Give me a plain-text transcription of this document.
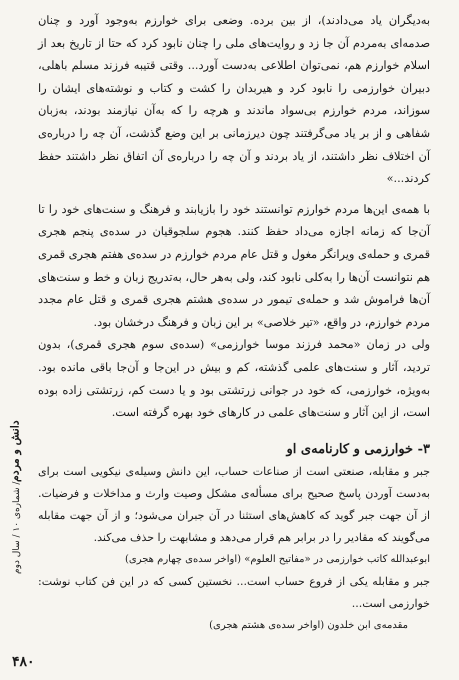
به‌دیگران یاد می‌دادند)، از بین برده. وضعی برای خوارزم به‌وجود آورد و چنان صدمه‌ای به‌مردم آن جا زد و روایت‌های ملی را چنان نابود کرد که حتا از تاریخ بعد از اسلام خوارزم هم، نمی‌توان اطلاعی به‌دست آورد... وقتی قتیبه فرزند مسلم باهلی، دبیران خوارزمی را نابود کرد و هیربدان را کشت و کتاب و نوشته‌های ایشان را سوزاند، مردم خوارزم بی‌سواد ماندند و هرچه را که به‌آن نیازمند بودند، بەزبان شفاهی و از بر یاد می‌گرفتند چون دیرزمانی بر این وضع گذشت، آن چه را درباره‌ی آن اختلاف نظر داشتند، از یاد بردند و آن چه را درباره‌ی آن اتفاق نظر داشتند حفظ کردند...»

با همه‌ی این‌ها مردم خوارزم توانستند خود را بازیابند و فرهنگ و سنت‌های خود را تا آن‌جا که زمانه اجازه می‌داد حفظ کنند. هجوم سلجوقیان در سده‌ی پنجم هجری قمری و حمله‌ی ویرانگر مغول و قتل عام مردم خوارزم در سده‌ی هفتم هجری قمری هم نتوانست آن‌ها را به‌کلی نابود کند، ولی به‌هر حال، به‌تدریج زبان و خط و سنت‌های آن‌ها فراموش شد و حمله‌ی تیمور در سده‌ی هشتم هجری قمری و قتل عام مجدد مردم خوارزم، در واقع، «تیر خلاصی» بر این زبان و فرهنگ درخشان بود.

ولی در زمان «محمد فرزند موسا خوارزمی» (سده‌ی سوم هجری قمری)، بدون تردید، آثار و سنت‌های علمی گذشته، کم و بیش در این‌جا و آن‌جا باقی مانده بود. به‌ویژه، خوارزمی، که خود در جوانی زرتشتی بود و یا دست کم، زرتشتی زاده بوده است، از این آثار و سنت‌های علمی در کارهای خود بهره گرفته است.

۳- خوارزمی و کارنامه‌ی او

جبر و مقابله، صنعتی است از صناعات حساب، این دانش وسیله‌ی نیکویی است برای به‌دست آوردن پاسخ صحیح برای مسأله‌ی مشکل وصیت وارث و مداخلات و فرضیات. از آن جهت جبر گوید که کاهش‌های استثنا در آن جبران می‌شود؛ و از آن جهت مقابله می‌گویند که مقادیر را در برابر هم قرار می‌دهد و مشابهت را حذف می‌کند.

ابوعبدالله کاتب خوارزمی در «مفاتیح العلوم» (اواخر سده‌ی چهارم هجری)

جبر و مقابله یکی از فروع حساب است... نخستین کسی که در این فن کتاب نوشت: خوارزمی است...

مقدمه‌ی ابن خلدون (اواخر سده‌ی هشتم هجری)

دانش و مردم
/ شماره‌ی ۱۰ / سال دوم
۴۸۰
